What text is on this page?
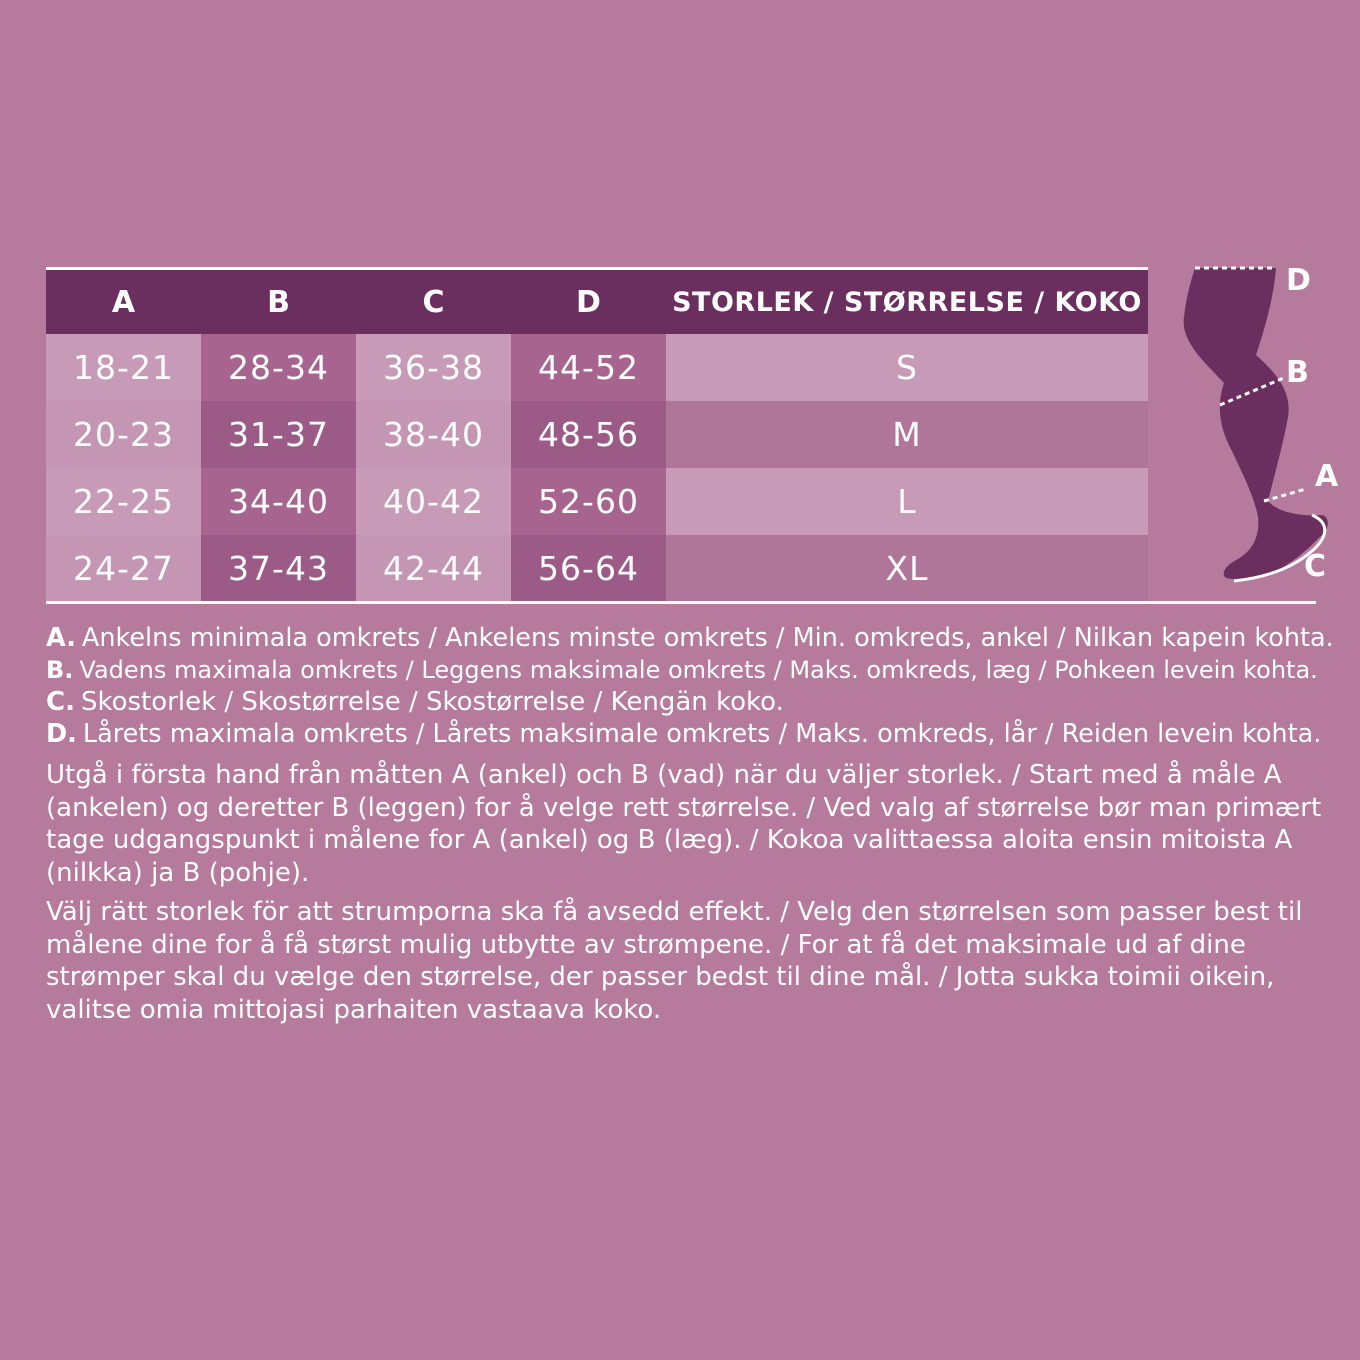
A	B	C	D	STORLEK / STØRRELSE / KOKO
18-21	28-34	36-38	44-52	S
20-23	31-37	38-40	48-56	M
22-25	34-40	40-42	52-60	L
24-27	37-43	42-44	56-64	XL
D
B
A
C
A. Ankelns minimala omkrets / Ankelens minste omkrets / Min. omkreds, ankel / Nilkan kapein kohta.
B. Vadens maximala omkrets / Leggens maksimale omkrets / Maks. omkreds, læg / Pohkeen levein kohta.
C. Skostorlek / Skostørrelse / Skostørrelse / Kengän koko.
D. Lårets maximala omkrets / Lårets maksimale omkrets / Maks. omkreds, lår / Reiden levein kohta.
Utgå i första hand från måtten A (ankel) och B (vad) när du väljer storlek. / Start med å måle A (ankelen) og deretter B (leggen) for å velge rett størrelse. / Ved valg af størrelse bør man primært tage udgangspunkt i målene for A (ankel) og B (læg). / Kokoa valittaessa aloita ensin mitoista A (nilkka) ja B (pohje).
Välj rätt storlek för att strumporna ska få avsedd effekt. / Velg den størrelsen som passer best til målene dine for å få størst mulig utbytte av strømpene. / For at få det maksimale ud af dine strømper skal du vælge den størrelse, der passer bedst til dine mål. / Jotta sukka toimii oikein, valitse omia mittojasi parhaiten vastaava koko.
